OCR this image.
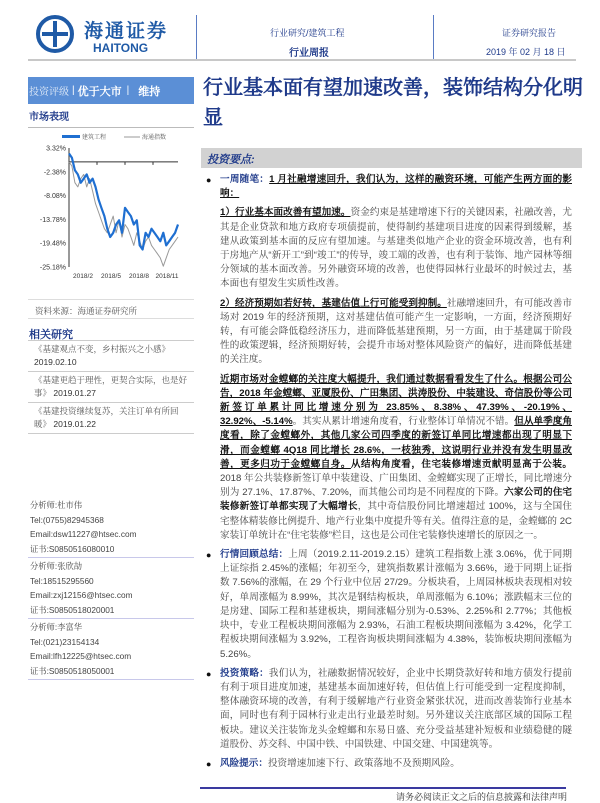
海通证券
HAITONG
行业研究/建筑工程
行业周报
证券研究报告
2019 年 02 月 18 日
投资评级 | 优于大市 | 维持 行业基本面有望加速改善，装饰结构分化明显
市场表现
建筑工程	海通指数
3.32%
-2.38%
-8.08%
-13.78%
-19.48%
-25.18%
2018/2 2018/5 2018/8 2018/11
资料来源：海通证券研究所
相关研究
《基建观点不变，乡村振兴之小感》 2019.02.10
《基建更趋于理性，更契合实际，也是好事》 2019.01.27
《基建投资继续复苏，关注订单有所回暖》 2019.01.22
分析师:杜市伟
Tel:(0755)82945368
Email:dsw11227@htsec.com
证书:S0850516080010
分析师:张欣劼
Tel:18515295560
Email:zxj12156@htsec.com
证书:S0850518020001
分析师:李富华
Tel:(021)23154134
Email:lfh12225@htsec.com
证书:S0850518050001
投资要点:
● 一周随笔：1 月社融增速回升，我们认为，这样的融资环境，可能产生两方面的影响：
1）行业基本面改善有望加速。资金约束是基建增速下行的关键因素，社融改善，尤其是企业贷款和地方政府专项债提前，使得制约基建项目进度的因素得到缓解，基建从政策到基本面的反应有望加速。与基建类似地产企业的资金环境改善，也有利于房地产从“新开工”到“竣工”的传导，竣工端的改善，也有利于装饰、地产园林等细分领域的基本面改善。另外融资环境的改善，也使得园林行业最坏的时候过去，基本面也有望发生实质性改善。
2）经济预期如若好转，基建估值上行可能受到抑制。社融增速回升，有可能改善市场对 2019 年的经济预期，这对基建估值可能产生一定影响，一方面，经济预期好转，有可能会降低稳经济压力，进而降低基建预期，另一方面，由于基建属于阶段性的政策逻辑，经济预期好转，会提升市场对整体风险资产的偏好，进而降低基建的关注度。
近期市场对金螳螂的关注度大幅提升，我们通过数据看看发生了什么。根据公司公告，2018 年金螳螂、亚厦股份、广田集团、洪涛股份、中装建设、奇信股份等公司新签订单累计同比增速分别为 23.85%、8.38%、47.39%、-20.19%、32.92%、-5.14%。其实从累计增速角度看，行业整体订单情况不错。但从单季度角度看，除了金螳螂外，其他几家公司四季度的新签订单同比增速都出现了明显下滑，而金螳螂 4Q18 同比增长 28.6%，一枝独秀，这说明行业并没有发生明显改善，更多归功于金螳螂自身。从结构角度看，住宅装修增速贡献明显高于公装。 2018 年公共装修新签订单中装建设、广田集团、金螳螂实现了正增长，同比增速分别为 27.1%、17.87%、7.20%，而其他公司均是不同程度的下降。六家公司的住宅装修新签订单都实现了大幅增长，其中奇信股份同比增速超过 100%，这与全国住宅整体精装修比例提升、地产行业集中度提升等有关。值得注意的是，金螳螂的 2C 家装订单统计在“住宅装修”栏目，这也是公司住宅装修快速增长的原因之一。
● 行情回顾总结：上周（2019.2.11-2019.2.15）建筑工程指数上涨 3.06%，优于同期上证综指 2.45%的涨幅；年初至今，建筑指数累计涨幅为 3.66%，逊于同期上证指数 7.56%的涨幅，在 29 个行业中位居 27/29。分板块看，上周园林板块表现相对较好，单周涨幅为 8.99%，其次是钢结构板块，单周涨幅为 6.10%；涨跌幅末三位的是房建、国际工程和基建板块，期间涨幅分别为-0.53%、2.25%和 2.77%；其他板块中，专业工程板块期间涨幅为 2.93%，石油工程板块期间涨幅为 3.42%，化学工程板块期间涨幅为 3.92%，工程咨询板块期间涨幅为 4.38%，装饰板块期间涨幅为 5.26%。
● 投资策略：我们认为，社融数据情况较好，企业中长期贷款好转和地方债发行提前有利于项目进度加速，基建基本面加速好转，但估值上行可能受到一定程度抑制，整体融资环境的改善，有利于缓解地产行业资金紧张状况，进而改善装饰行业基本面，同时也有利于园林行业走出行业最差时刻。另外建议关注底部区域的国际工程板块。建议关注装饰龙头金螳螂和东易日盛、充分受益基建补短板和业绩稳健的隧道股份、苏交科、中国中铁、中国铁建、中国交建、中国建筑等。
● 风险提示：投资增速加速下行、政策落地不及预期风险。
请务必阅读正文之后的信息披露和法律声明
